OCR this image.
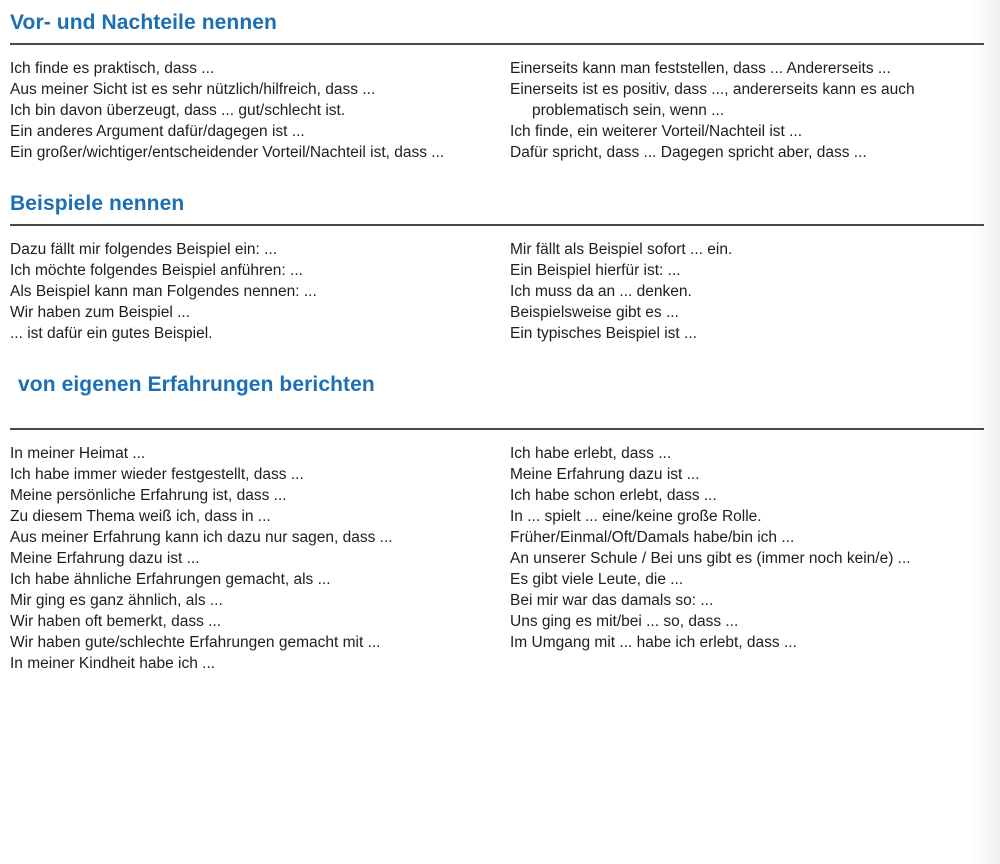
Vor- und Nachteile nennen
Ich finde es praktisch, dass ...
Aus meiner Sicht ist es sehr nützlich/hilfreich, dass ...
Ich bin davon überzeugt, dass ... gut/schlecht ist.
Ein anderes Argument dafür/dagegen ist ...
Ein großer/wichtiger/entscheidender Vorteil/Nachteil ist, dass ...
Einerseits kann man feststellen, dass ... Andererseits ...
Einerseits ist es positiv, dass ..., andererseits kann es auch problematisch sein, wenn ...
Ich finde, ein weiterer Vorteil/Nachteil ist ...
Dafür spricht, dass ... Dagegen spricht aber, dass ...
Beispiele nennen
Dazu fällt mir folgendes Beispiel ein: ...
Ich möchte folgendes Beispiel anführen: ...
Als Beispiel kann man Folgendes nennen: ...
Wir haben zum Beispiel ...
... ist dafür ein gutes Beispiel.
Mir fällt als Beispiel sofort ... ein.
Ein Beispiel hierfür ist: ...
Ich muss da an ... denken.
Beispielsweise gibt es ...
Ein typisches Beispiel ist ...
von eigenen Erfahrungen berichten
In meiner Heimat ...
Ich habe immer wieder festgestellt, dass ...
Meine persönliche Erfahrung ist, dass ...
Zu diesem Thema weiß ich, dass in ...
Aus meiner Erfahrung kann ich dazu nur sagen, dass ...
Meine Erfahrung dazu ist ...
Ich habe ähnliche Erfahrungen gemacht, als ...
Mir ging es ganz ähnlich, als ...
Wir haben oft bemerkt, dass ...
Wir haben gute/schlechte Erfahrungen gemacht mit ...
In meiner Kindheit habe ich ...
Ich habe erlebt, dass ...
Meine Erfahrung dazu ist ...
Ich habe schon erlebt, dass ...
In ... spielt ... eine/keine große Rolle.
Früher/Einmal/Oft/Damals habe/bin ich ...
An unserer Schule / Bei uns gibt es (immer noch kein/e) ...
Es gibt viele Leute, die ...
Bei mir war das damals so: ...
Uns ging es mit/bei ... so, dass ...
Im Umgang mit ... habe ich erlebt, dass ...
